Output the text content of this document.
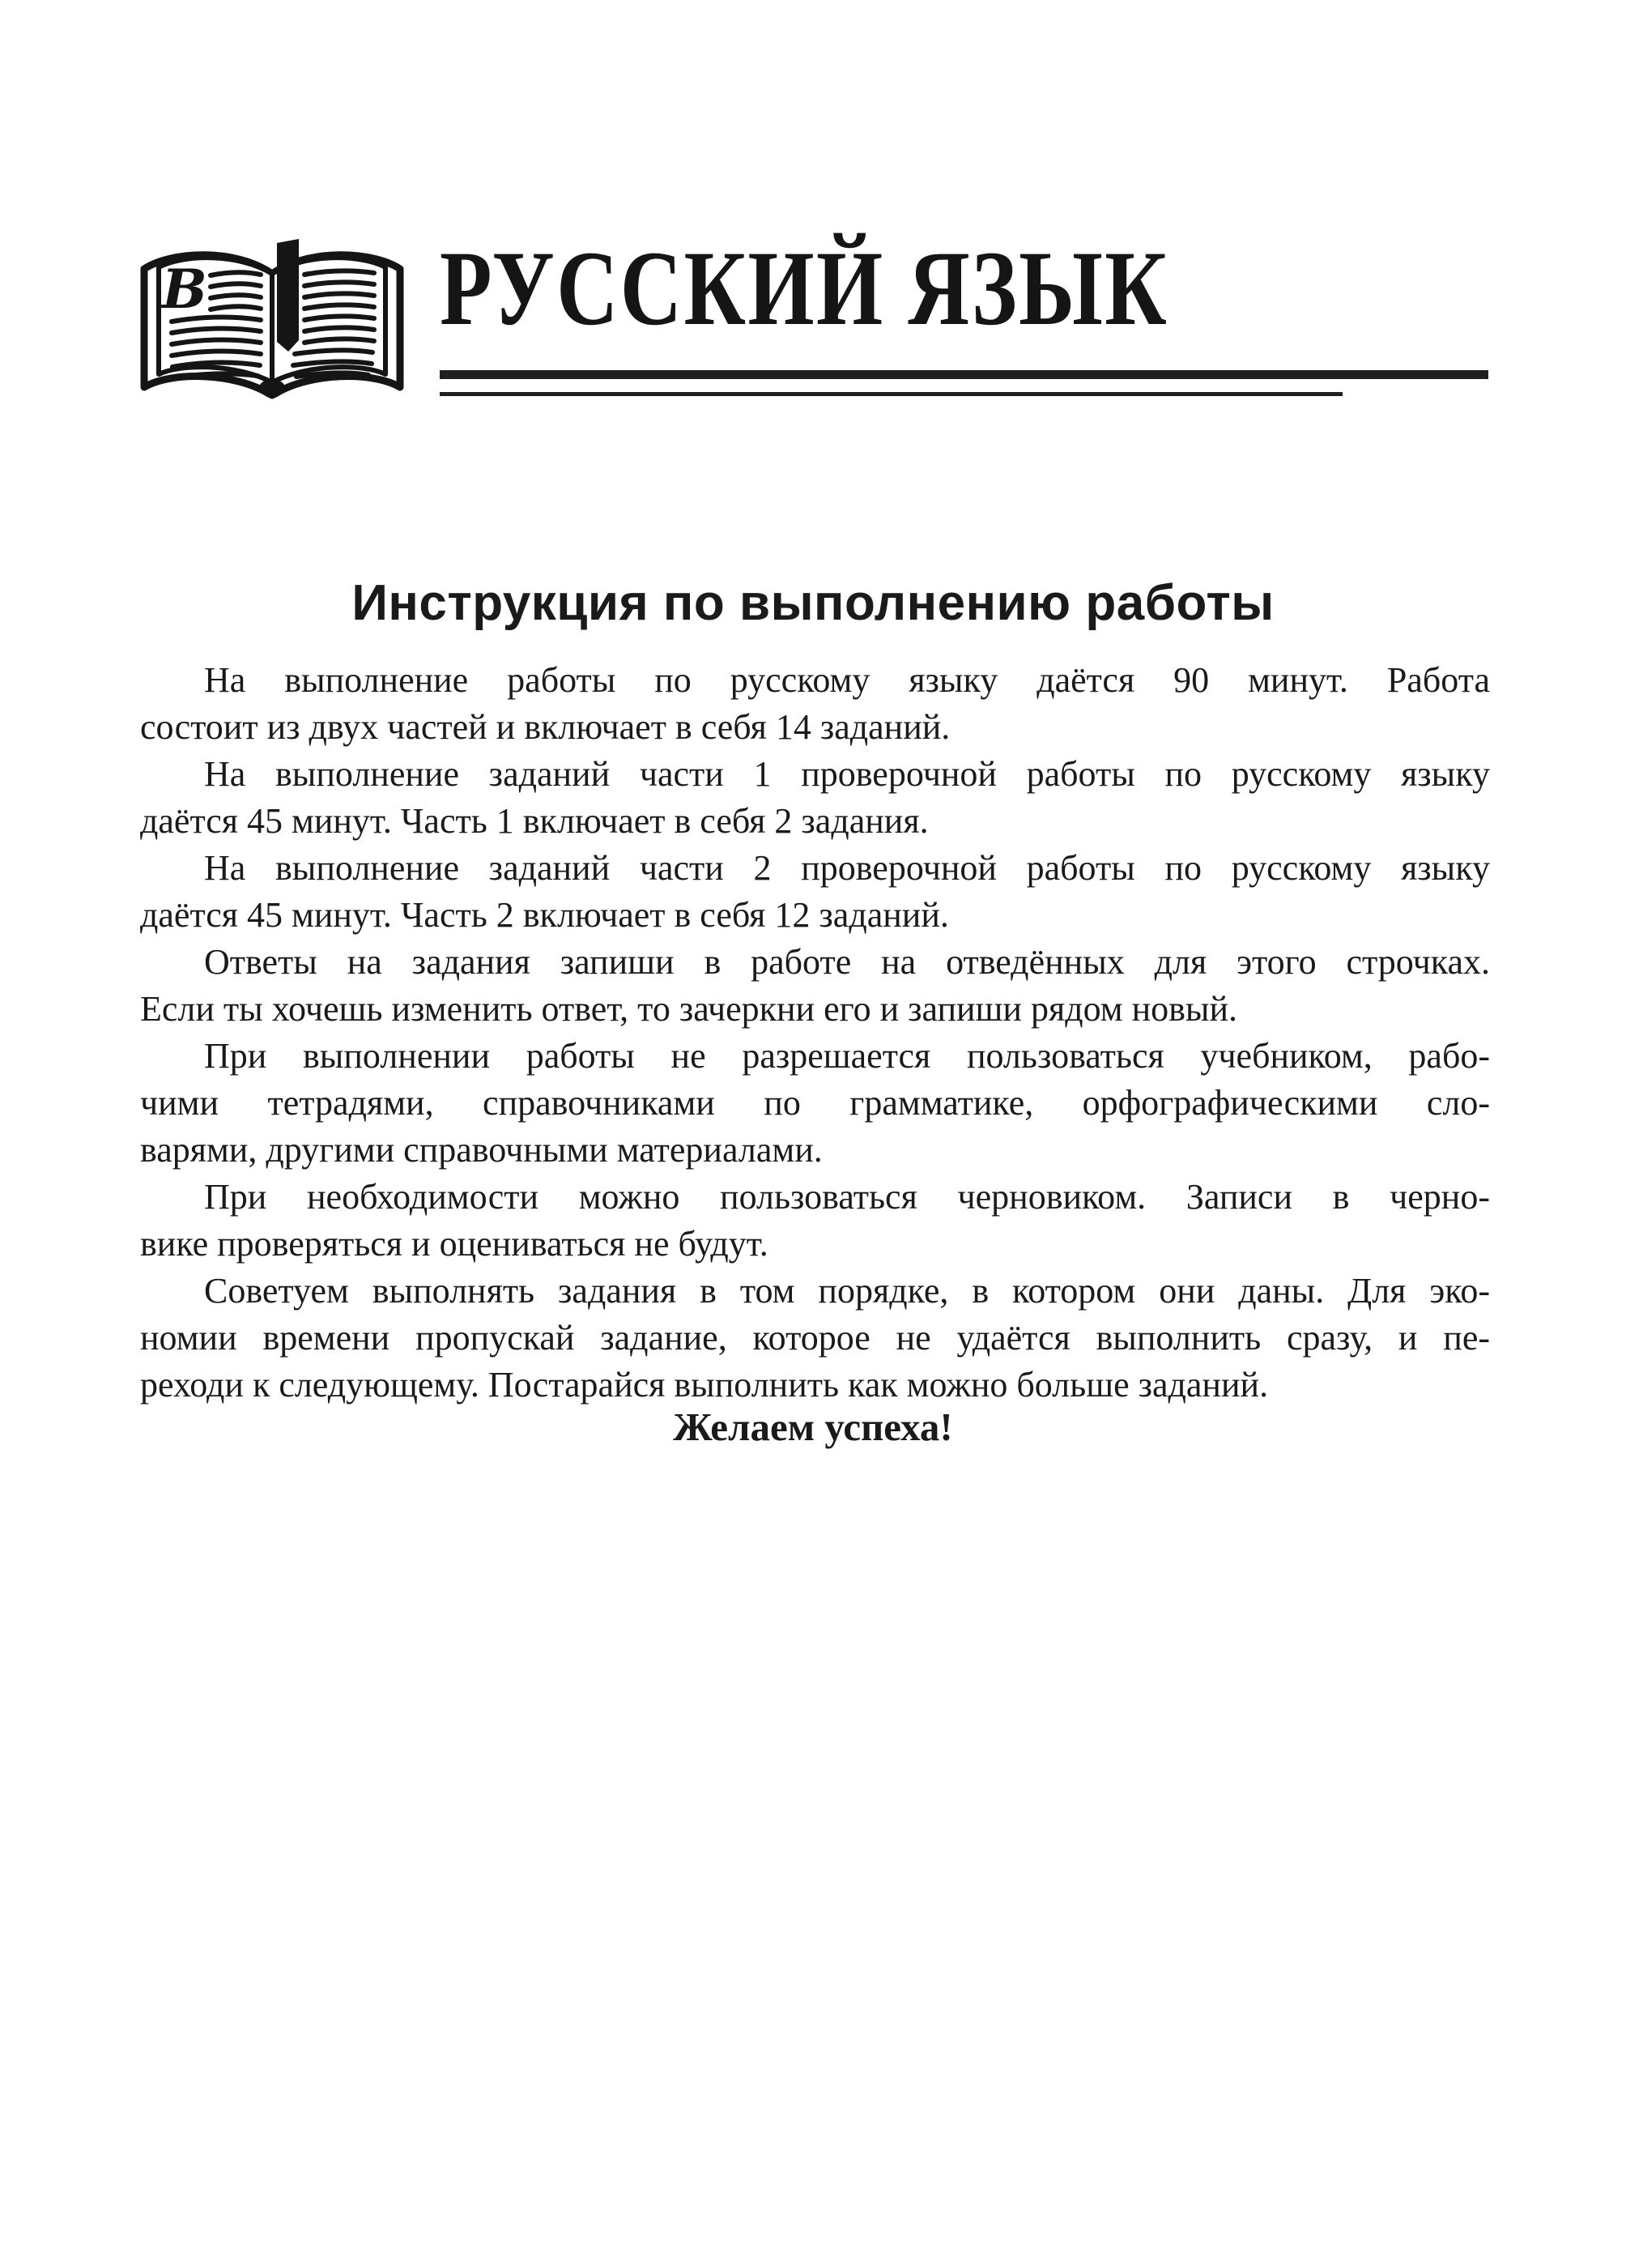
В РУССКИЙ ЯЗЫК
Инструкция по выполнению работы
На выполнение работы по русскому языку даётся 90 минут. Работа
состоит из двух частей и включает в себя 14 заданий.
На выполнение заданий части 1 проверочной работы по русскому языку
даётся 45 минут. Часть 1 включает в себя 2 задания.
На выполнение заданий части 2 проверочной работы по русскому языку
даётся 45 минут. Часть 2 включает в себя 12 заданий.
Ответы на задания запиши в работе на отведённых для этого строчках.
Если ты хочешь изменить ответ, то зачеркни его и запиши рядом новый.
При выполнении работы не разрешается пользоваться учебником, рабо-
чими тетрадями, справочниками по грамматике, орфографическими сло-
варями, другими справочными материалами.
При необходимости можно пользоваться черновиком. Записи в черно-
вике проверяться и оцениваться не будут.
Советуем выполнять задания в том порядке, в котором они даны. Для эко-
номии времени пропускай задание, которое не удаётся выполнить сразу, и пе-
реходи к следующему. Постарайся выполнить как можно больше заданий.
Желаем успеха!
